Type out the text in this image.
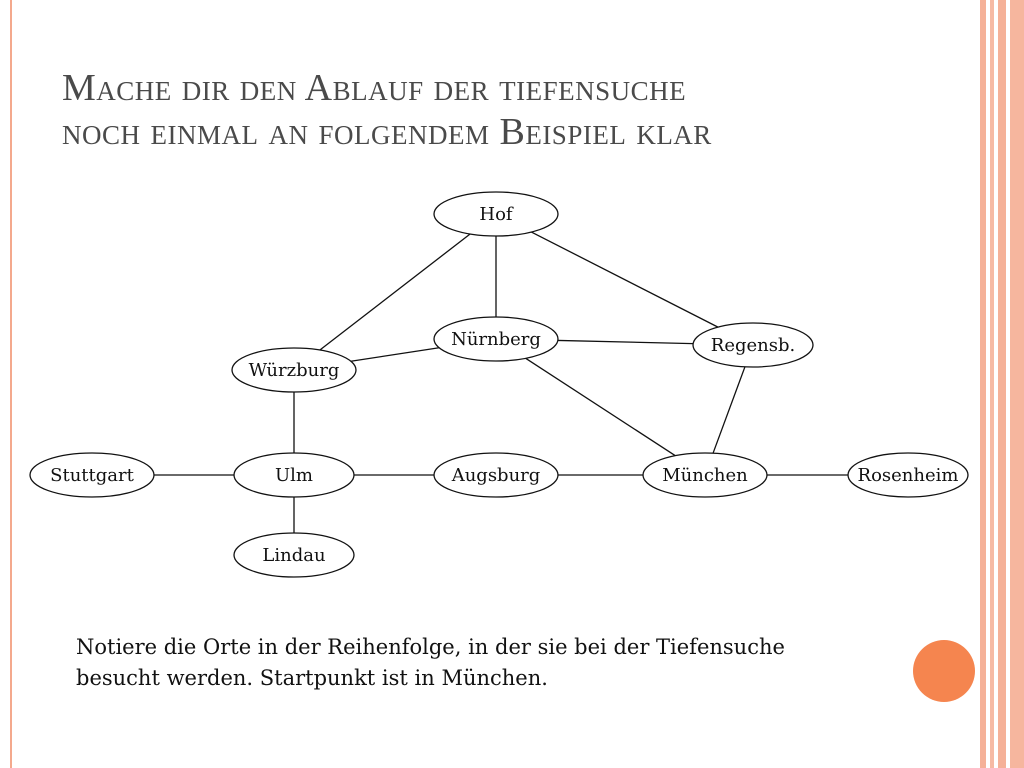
Mache dir den Ablauf der tiefensuche
noch einmal an folgendem Beispiel klar
Hof
Nürnberg	Regensb.
Würzburg
Stuttgart	Ulm	Augsburg	München	Rosenheim
Lindau
Notiere die Orte in der Reihenfolge, in der sie bei der Tiefensuche
besucht werden. Startpunkt ist in München.
